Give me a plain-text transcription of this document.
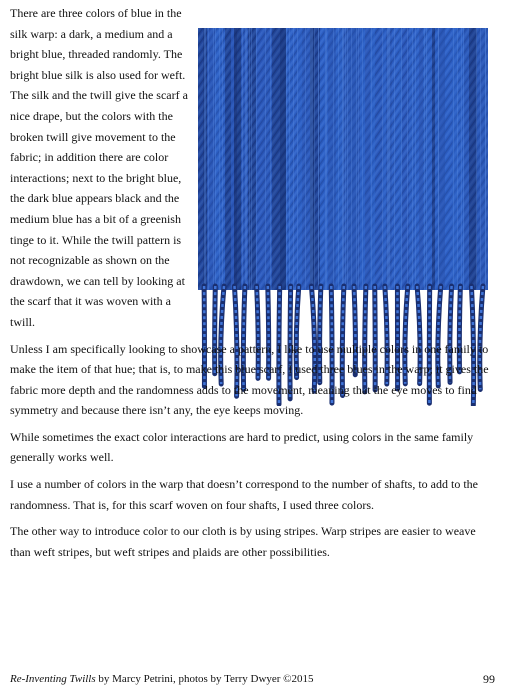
There are three colors of blue in the silk warp: a dark, a medium and a bright blue, threaded randomly. The bright blue silk is also used for weft. The silk and the twill give the scarf a nice drape, but the colors with the broken twill give movement to the fabric; in addition there are color interactions; next to the bright blue, the dark blue appears black and the medium blue has a bit of a greenish tinge to it. While the twill pattern is not recognizable as shown on the drawdown, we can tell by looking at the scarf that it was woven with a twill.

Unless I am specifically looking to showcase a pattern, I like to use multiple colors in one family to make the item of that hue; that is, to make this blue scarf, I used three blues in the warp; it gives the fabric more depth and the randomness adds to the movement, meaning that the eye moves to find symmetry and because there isn’t any, the eye keeps moving.

While sometimes the exact color interactions are hard to predict, using colors in the same family generally works well.

I use a number of colors in the warp that doesn’t correspond to the number of shafts, to add to the randomness. That is, for this scarf woven on four shafts, I used three colors.

The other way to introduce color to our cloth is by using stripes. Warp stripes are easier to weave than weft stripes, but weft stripes and plaids are other possibilities.

Re-Inventing Twills by Marcy Petrini, photos by Terry Dwyer ©2015	99
